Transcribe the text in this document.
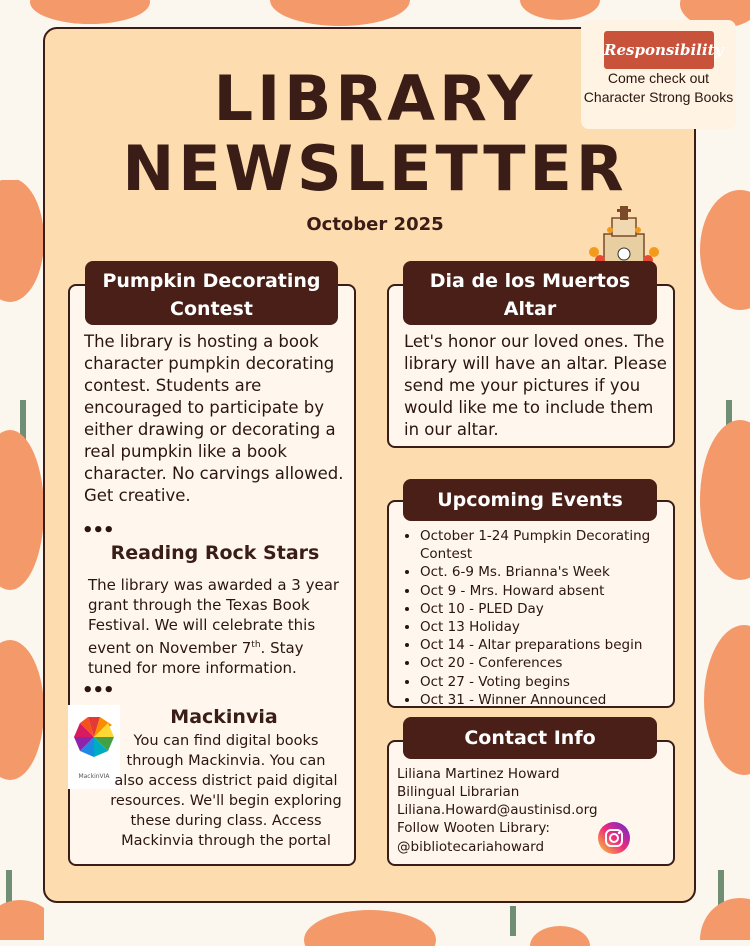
LIBRARY
NEWSLETTER
October 2025
Responsibility
Come check out Character Strong Books
Pumpkin Decorating Contest
The library is hosting a book character pumpkin decorating contest. Students are encouraged to participate by either drawing or decorating a real pumpkin like a book character. No carvings allowed. Get creative.
•••
Reading Rock Stars
The library was awarded a 3 year grant through the Texas Book Festival. We will celebrate this event on November 7th. Stay tuned for more information.
•••
MackinVIA
Mackinvia
You can find digital books through Mackinvia. You can also access district paid digital resources. We'll begin exploring these during class. Access Mackinvia through the portal
Dia de los Muertos Altar
Let's honor our loved ones. The library will have an altar. Please send me your pictures if you would like me to include them in our altar.
Upcoming Events
• October 1-24 Pumpkin Decorating Contest
• Oct. 6-9 Ms. Brianna's Week
• Oct 9 - Mrs. Howard absent
• Oct 10 - PLED Day
• Oct 13 Holiday
• Oct 14 - Altar preparations begin
• Oct 20 - Conferences
• Oct 27 - Voting begins
• Oct 31 - Winner Announced
Contact Info
Liliana Martinez Howard
Bilingual Librarian
Liliana.Howard@austinisd.org
Follow Wooten Library:
@bibliotecariahoward
